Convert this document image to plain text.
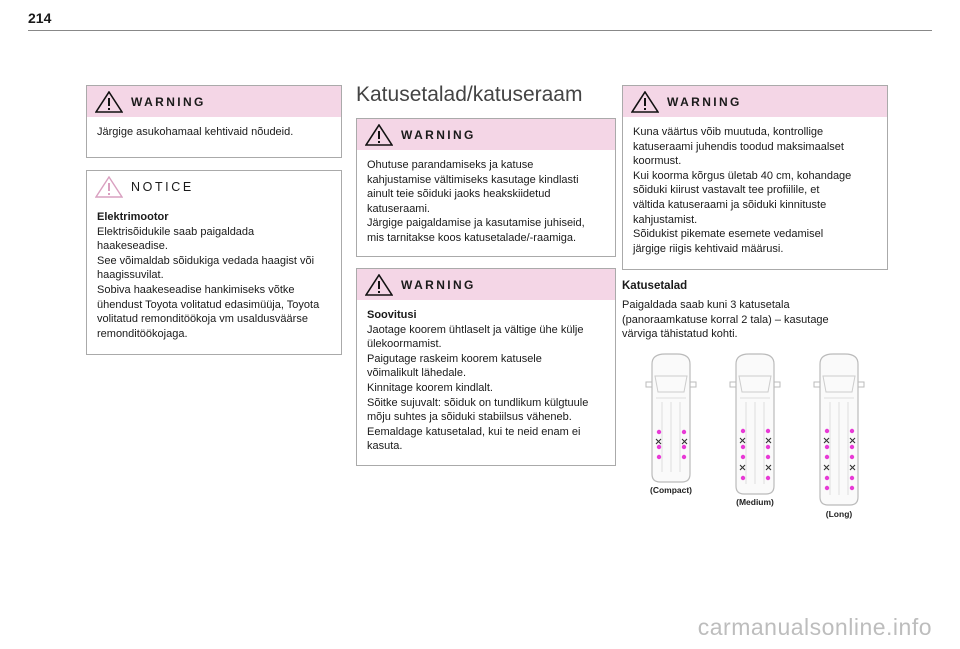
214
WARNING
Järgige asukohamaal kehtivaid nõudeid.
NOTICE
Elektrimootor
Elektrisõidukile saab paigaldada
haakeseadise.
See võimaldab sõidukiga vedada haagist või
haagissuvilat.
Sobiva haakeseadise hankimiseks võtke
ühendust Toyota volitatud edasimüüja, Toyota
volitatud remonditöökoja vm usaldusväärse
remonditöökojaga.
Katusetalad/katuseraam
WARNING
Ohutuse parandamiseks ja katuse
kahjustamise vältimiseks kasutage kindlasti
ainult teie sõiduki jaoks heakskiidetud
katuseraami.
Järgige paigaldamise ja kasutamise juhiseid,
mis tarnitakse koos katusetalade/-raamiga.
WARNING
Soovitusi
Jaotage koorem ühtlaselt ja vältige ühe külje
ülekoormamist.
Paigutage raskeim koorem katusele
võimalikult lähedale.
Kinnitage koorem kindlalt.
Sõitke sujuvalt: sõiduk on tundlikum külgtuule
mõju suhtes ja sõiduki stabiilsus väheneb.
Eemaldage katusetalad, kui te neid enam ei
kasuta.
WARNING
Kuna väärtus võib muutuda, kontrollige
katuseraami juhendis toodud maksimaalset
koormust.
Kui koorma kõrgus ületab 40 cm, kohandage
sõiduki kiirust vastavalt tee profiilile, et
vältida katuseraami ja sõiduki kinnituste
kahjustamist.
Sõidukist pikemate esemete vedamisel
järgige riigis kehtivaid määrusi.
Katusetalad
Paigaldada saab kuni 3 katusetala
(panoraamkatuse korral 2 tala) – kasutage
värviga tähistatud kohti.
(Compact)
(Medium)
(Long)
carmanualsonline.info
